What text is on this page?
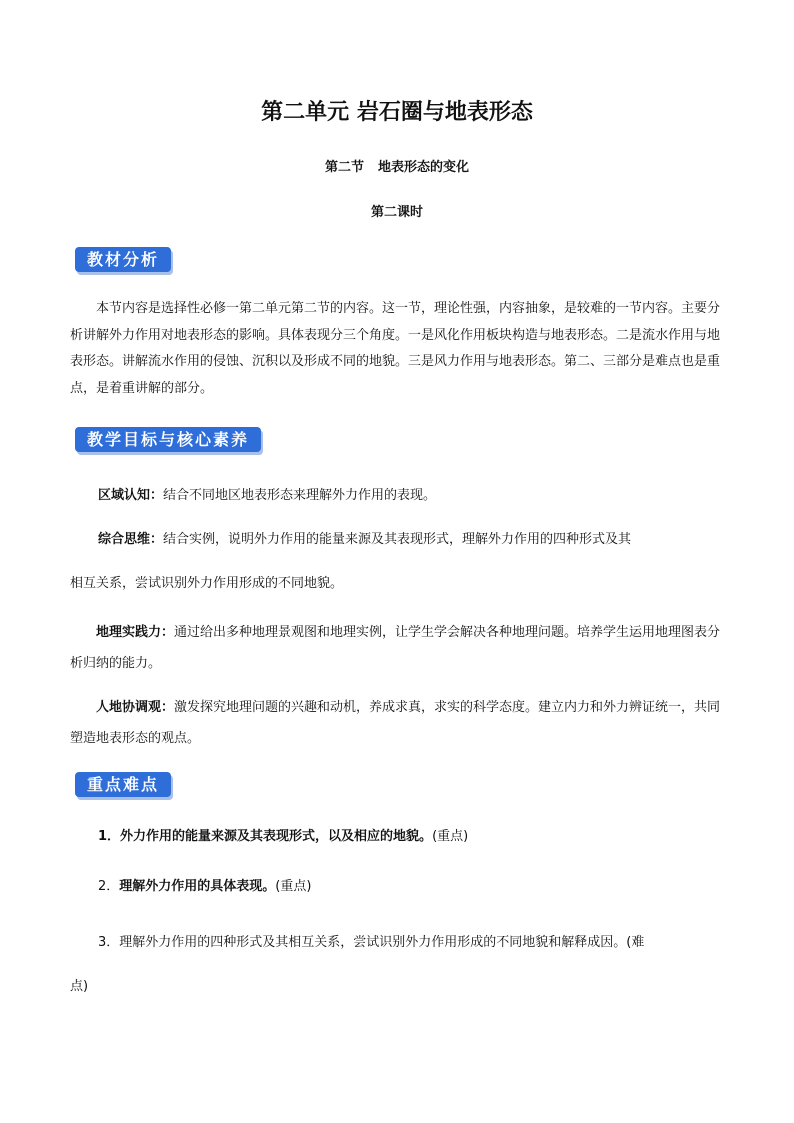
第二单元 岩石圈与地表形态
第二节 地表形态的变化
第二课时
教材分析

本节内容是选择性必修一第二单元第二节的内容。这一节，理论性强，内容抽象，是较难的一节内容。主要分析讲解外力作用对地表形态的影响。具体表现分三个角度。一是风化作用板块构造与地表形态。二是流水作用与地表形态。讲解流水作用的侵蚀、沉积以及形成不同的地貌。三是风力作用与地表形态。第二、三部分是难点也是重点，是着重讲解的部分。

教学目标与核心素养
区域认知：结合不同地区地表形态来理解外力作用的表现。
综合思维：结合实例，说明外力作用的能量来源及其表现形式，理解外力作用的四种形式及其
相互关系，尝试识别外力作用形成的不同地貌。

地理实践力：通过给出多种地理景观图和地理实例，让学生学会解决各种地理问题。培养学生运用地理图表分析归纳的能力。

人地协调观：激发探究地理问题的兴趣和动机，养成求真，求实的科学态度。建立内力和外力辨证统一，共同塑造地表形态的观点。

重点难点
1．外力作用的能量来源及其表现形式，以及相应的地貌。(重点)
2．理解外力作用的具体表现。(重点)
3．理解外力作用的四种形式及其相互关系，尝试识别外力作用形成的不同地貌和解释成因。(难
点)
